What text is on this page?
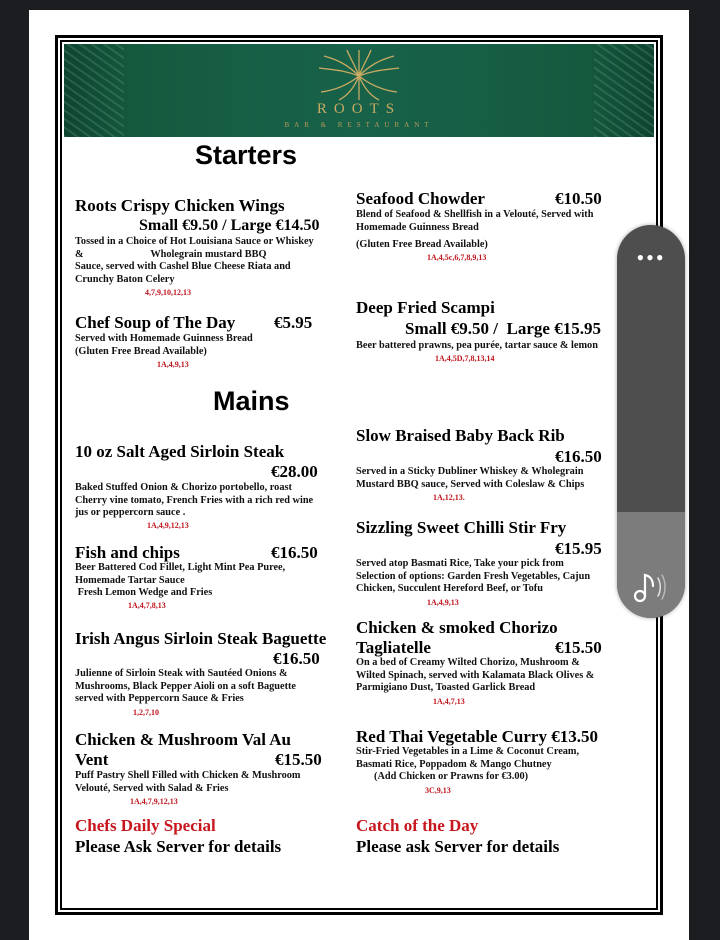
ROOTS
BAR & RESTAURANT
Starters
Roots Crispy Chicken Wings
Small €9.50 / Large €14.50
Tossed in a Choice of Hot Louisiana Sauce or Whiskey
&                          Wholegrain mustard BBQ
Sauce, served with Cashel Blue Cheese Riata and
Crunchy Baton Celery
4,7,9,10,12,13
Chef Soup of The Day €5.95
Served with Homemade Guinness Bread
(Gluten Free Bread Available)
1A,4,9,13
Seafood Chowder	€10.50
Blend of Seafood & Shellfish in a Velouté, Served with
Homemade Guinness Bread
(Gluten Free Bread Available)
1A,4,5c,6,7,8,9,13
Deep Fried Scampi
Small €9.50 /  Large €15.95
Beer battered prawns, pea purée, tartar sauce & lemon
1A,4,5D,7,8,13,14
Mains
10 oz Salt Aged Sirloin Steak
€28.00
Baked Stuffed Onion & Chorizo portobello, roast
Cherry vine tomato, French Fries with a rich red wine
jus or peppercorn sauce .
1A,4,9,12,13
Fish and chips	€16.50
Beer Battered Cod Fillet, Light Mint Pea Puree,
Homemade Tartar Sauce
Fresh Lemon Wedge and Fries
1A,4,7,8,13
Irish Angus Sirloin Steak Baguette
€16.50
Julienne of Sirloin Steak with Sautéed Onions &
Mushrooms, Black Pepper Aioli on a soft Baguette
served with Peppercorn Sauce & Fries
1,2,7,10
Chicken & Mushroom Val Au
Vent	€15.50
Puff Pastry Shell Filled with Chicken & Mushroom
Velouté, Served with Salad & Fries
1A,4,7,9,12,13
Slow Braised Baby Back Rib
€16.50
Served in a Sticky Dubliner Whiskey & Wholegrain
Mustard BBQ sauce, Served with Coleslaw & Chips
1A,12,13.
Sizzling Sweet Chilli Stir Fry
€15.95
Served atop Basmati Rice, Take your pick from
Selection of options: Garden Fresh Vegetables, Cajun
Chicken, Succulent Hereford Beef, or Tofu
1A,4,9,13
Chicken & smoked Chorizo
Tagliatelle	€15.50
On a bed of Creamy Wilted Chorizo, Mushroom &
Wilted Spinach, served with Kalamata Black Olives &
Parmigiano Dust, Toasted Garlick Bread
1A,4,7,13
Red Thai Vegetable Curry €13.50
Stir-Fried Vegetables in a Lime & Coconut Cream,
Basmati Rice, Poppadom & Mango Chutney
(Add Chicken or Prawns for €3.00)
3C,9,13
Chefs Daily Special
Please Ask Server for details
Catch of the Day
Please ask Server for details
•••
